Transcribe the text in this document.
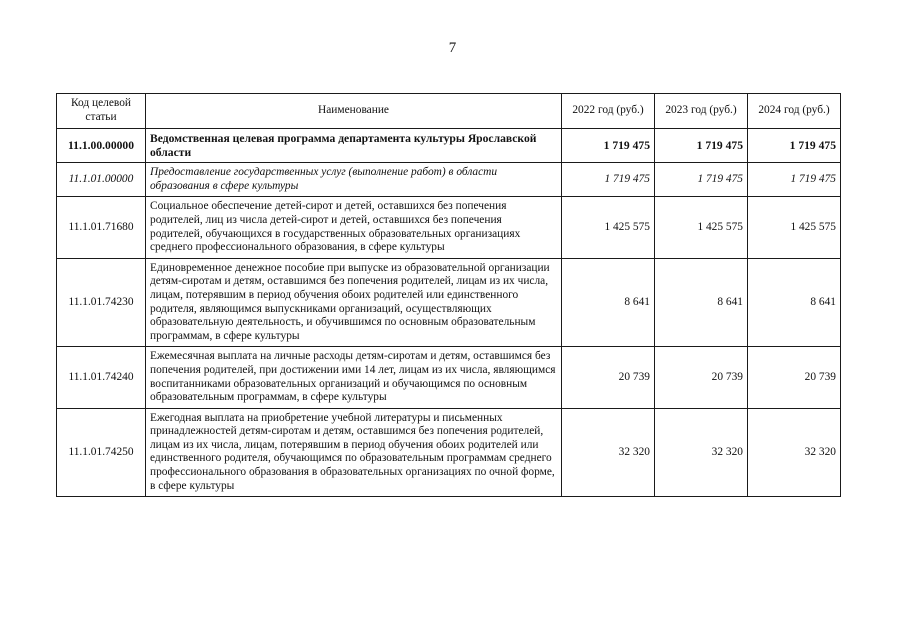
7
Код целевой статьи	Наименование	2022 год (руб.)	2023 год (руб.)	2024 год (руб.)
11.1.00.00000	Ведомственная целевая программа департамента культуры Ярославской области	1 719 475	1 719 475	1 719 475
11.1.01.00000	Предоставление государственных услуг (выполнение работ) в области образования в сфере культуры	1 719 475	1 719 475	1 719 475
11.1.01.71680	Социальное обеспечение детей-сирот и детей, оставшихся без попечения родителей, лиц из числа детей-сирот и детей, оставшихся без попечения родителей, обучающихся в государственных образовательных организациях среднего профессионального образования, в сфере культуры	1 425 575	1 425 575	1 425 575
11.1.01.74230	Единовременное денежное пособие при выпуске из образовательной организации детям-сиротам и детям, оставшимся без попечения родителей, лицам из их числа, лицам, потерявшим в период обучения обоих родителей или единственного родителя, являющимся выпускниками организаций, осуществляющих образовательную деятельность, и обучившимся по основным образовательным программам, в сфере культуры	8 641	8 641	8 641
11.1.01.74240	Ежемесячная выплата на личные расходы детям-сиротам и детям, оставшимся без попечения родителей, при достижении ими 14 лет, лицам из их числа, являющимся воспитанниками образовательных организаций и обучающимся по основным образовательным программам, в сфере культуры	20 739	20 739	20 739
11.1.01.74250	Ежегодная выплата на приобретение учебной литературы и письменных принадлежностей детям-сиротам и детям, оставшимся без попечения родителей, лицам из их числа, лицам, потерявшим в период обучения обоих родителей или единственного родителя, обучающимся по образовательным программам среднего профессионального образования в образовательных организациях по очной форме, в сфере культуры	32 320	32 320	32 320
